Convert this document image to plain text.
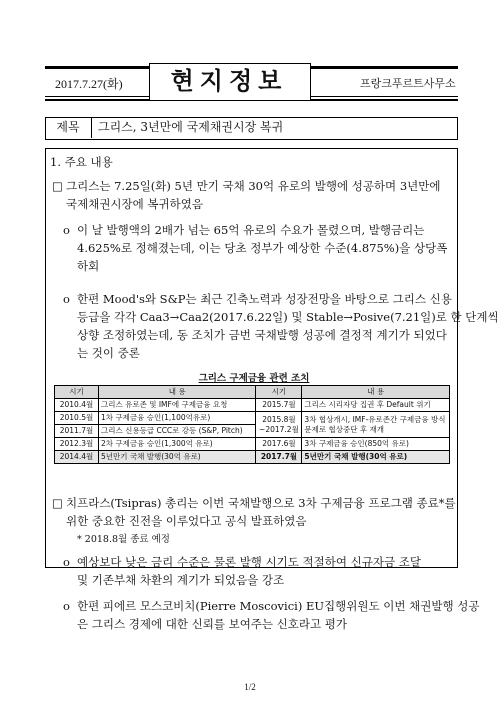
2017.7.27(화)	현지정보	프랑크푸르트사무소
제목	그리스, 3년만에 국제채권시장 복귀
1. 주요 내용
□ 그리스는 7.25일(화) 5년 만기 국채 30억 유로의 발행에 성공하며 3년만에
국제채권시장에 복귀하였음
o 이 날 발행액의 2배가 넘는 65억 유로의 수요가 몰렸으며, 발행금리는
4.625%로 정해졌는데, 이는 당초 정부가 예상한 수준(4.875%)을 상당폭
하회
o 한편 Mood's와 S&P는 최근 긴축노력과 성장전망을 바탕으로 그리스 신용
등급을 각각 Caa3→Caa2(2017.6.22일) 및 Stable→Posive(7.21일)로 한 단계씩
상향 조정하였는데, 동 조치가 금번 국채발행 성공에 결정적 계기가 되었다
는 것이 중론
그리스 구제금융 관련 조치
시기	내 용	시기	내 용
2010.4월	그리스 유로존 및 IMF에 구제금융 요청	2015.7월	그리스 시리자당 집권 후 Default 위기
2010.5월	1차 구제금융 승인(1,100억유로)	2015.8월~2017.2월	3차 협상개시, IMF-유로존간 구제금융 방식 문제로 협상중단 후 재개
2011.7월	그리스 신용등급 CCC로 강등 (S&P, Pitch)		
2012.3월	2차 구제금융 승인(1,300억 유로)	2017.6월	3차 구제금융 승인(850억 유로)
2014.4월	5년만기 국채 발행(30억 유로)	2017.7월	5년만기 국채 발행(30억 유로)
□ 치프라스(Tsipras) 총리는 이번 국채발행으로 3차 구제금융 프로그램 종료*를
위한 중요한 진전을 이루었다고 공식 발표하였음
* 2018.8월 종료 예정
o 예상보다 낮은 금리 수준은 물론 발행 시기도 적절하여 신규자금 조달
및 기존부채 차환의 계기가 되었음을 강조
o 한편 피에르 모스코비치(Pierre Moscovici) EU집행위원도 이번 채권발행 성공
은 그리스 경제에 대한 신뢰를 보여주는 신호라고 평가
1/2
